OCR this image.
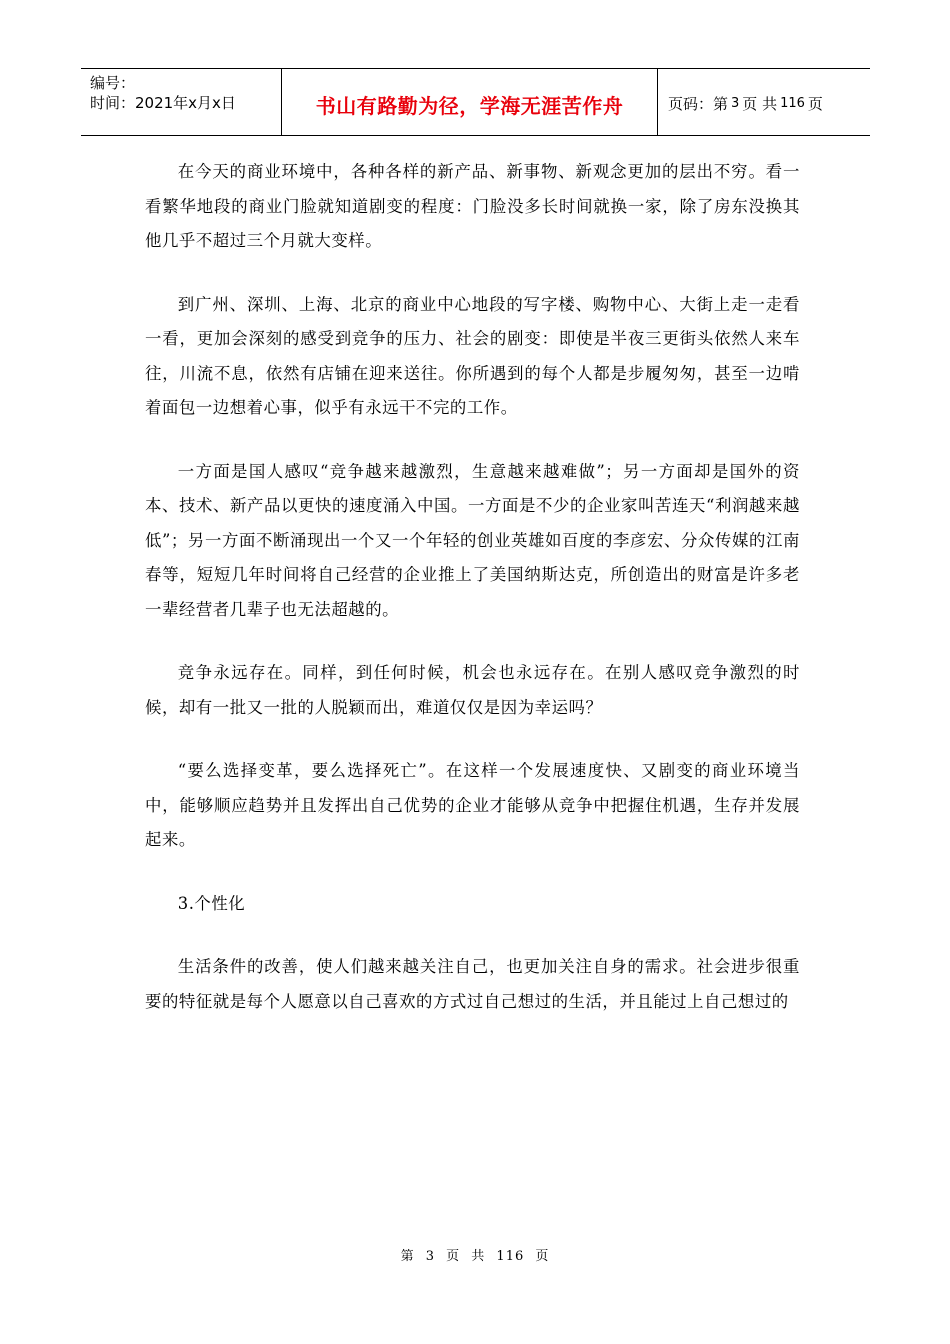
编号：
时间：2021年x月x日	书山有路勤为径，学海无涯苦作舟	页码：第 3 页 共 116 页

在今天的商业环境中，各种各样的新产品、新事物、新观念更加的层出不穷。看一看繁华地段的商业门脸就知道剧变的程度：门脸没多长时间就换一家，除了房东没换其他几乎不超过三个月就大变样。

到广州、深圳、上海、北京的商业中心地段的写字楼、购物中心、大街上走一走看一看，更加会深刻的感受到竞争的压力、社会的剧变：即使是半夜三更街头依然人来车往，川流不息，依然有店铺在迎来送往。你所遇到的每个人都是步履匆匆，甚至一边啃着面包一边想着心事，似乎有永远干不完的工作。

一方面是国人感叹“竞争越来越激烈，生意越来越难做”；另一方面却是国外的资本、技术、新产品以更快的速度涌入中国。一方面是不少的企业家叫苦连天“利润越来越低”；另一方面不断涌现出一个又一个年轻的创业英雄如百度的李彦宏、分众传媒的江南春等，短短几年时间将自己经营的企业推上了美国纳斯达克，所创造出的财富是许多老一辈经营者几辈子也无法超越的。

竞争永远存在。同样，到任何时候，机会也永远存在。在别人感叹竞争激烈的时候，却有一批又一批的人脱颖而出，难道仅仅是因为幸运吗？

“要么选择变革，要么选择死亡”。在这样一个发展速度快、又剧变的商业环境当中，能够顺应趋势并且发挥出自己优势的企业才能够从竞争中把握住机遇，生存并发展起来。

3.个性化

生活条件的改善，使人们越来越关注自己，也更加关注自身的需求。社会进步很重要的特征就是每个人愿意以自己喜欢的方式过自己想过的生活，并且能过上自己想过的

第 3 页 共 116 页
